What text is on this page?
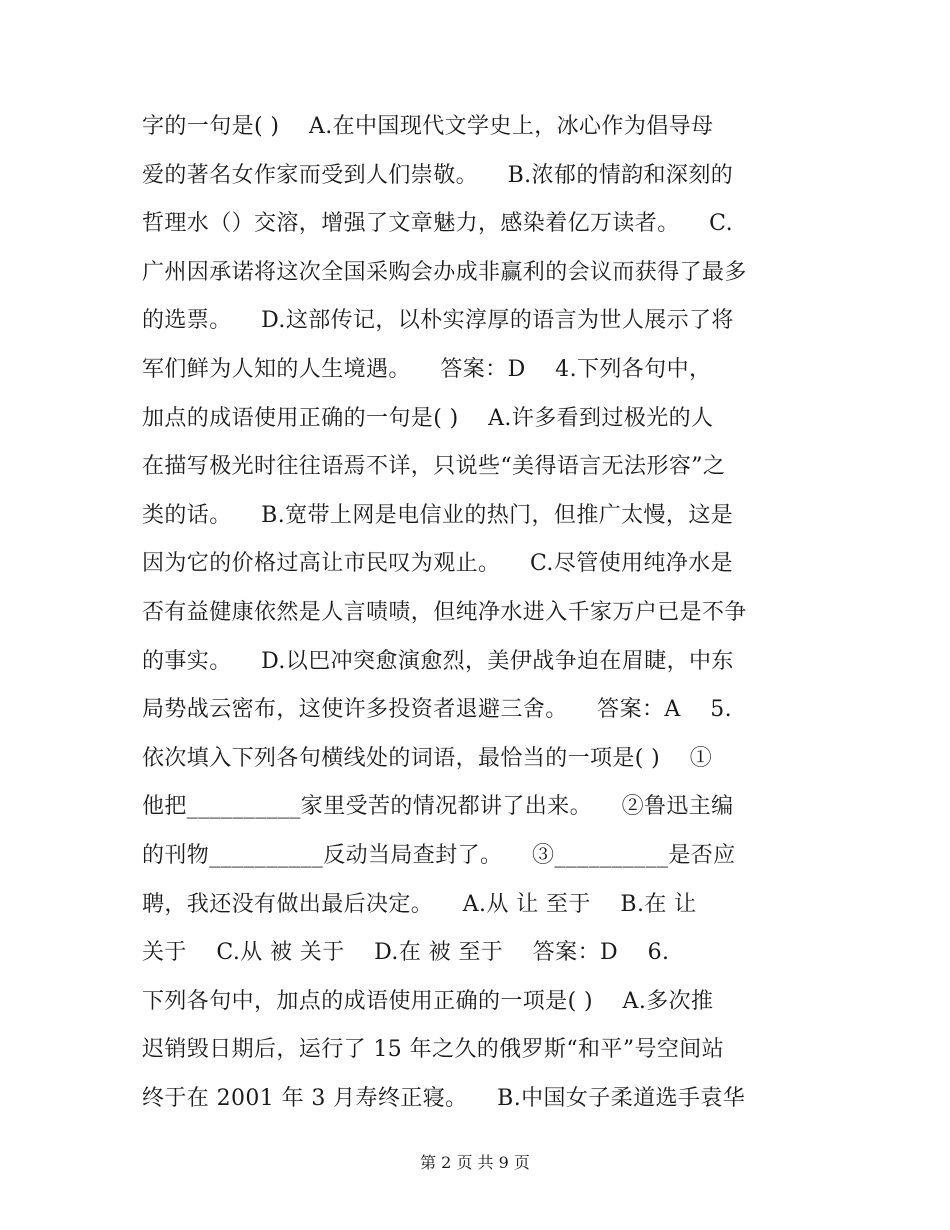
字的一句是( )    A.在中国现代文学史上，冰心作为倡导母
爱的著名女作家而受到人们崇敬。    B.浓郁的情韵和深刻的
哲理水（）交溶，增强了文章魅力，感染着亿万读者。    C.
广州因承诺将这次全国采购会办成非赢利的会议而获得了最多
的选票。    D.这部传记，以朴实淳厚的语言为世人展示了将
军们鲜为人知的人生境遇。    答案：D    4.下列各句中，
加点的成语使用正确的一句是( )    A.许多看到过极光的人
在描写极光时往往语焉不详，只说些“美得语言无法形容”之
类的话。    B.宽带上网是电信业的热门，但推广太慢，这是
因为它的价格过高让市民叹为观止。    C.尽管使用纯净水是
否有益健康依然是人言啧啧，但纯净水进入千家万户已是不争
的事实。    D.以巴冲突愈演愈烈，美伊战争迫在眉睫，中东
局势战云密布，这使许多投资者退避三舍。    答案：A    5.
依次填入下列各句横线处的词语，最恰当的一项是( )    ①
他把__________家里受苦的情况都讲了出来。    ②鲁迅主编
的刊物__________反动当局查封了。    ③__________是否应
聘，我还没有做出最后决定。    A.从 让 至于    B.在 让
关于    C.从 被 关于    D.在 被 至于    答案：D    6.
下列各句中，加点的成语使用正确的一项是( )    A.多次推
迟销毁日期后，运行了 15 年之久的俄罗斯“和平”号空间站
终于在 2001 年 3 月寿终正寝。    B.中国女子柔道选手袁华
第 2 页 共 9 页
